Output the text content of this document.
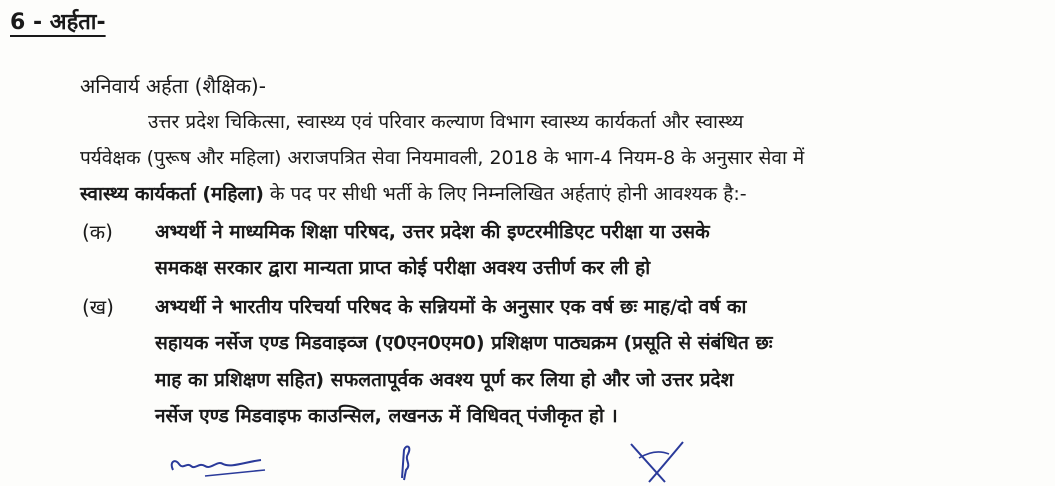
6 - अर्हता-
अनिवार्य अर्हता (शैक्षिक)-
उत्तर प्रदेश चिकित्सा, स्वास्थ्य एवं परिवार कल्याण विभाग स्वास्थ्य कार्यकर्ता और स्वास्थ्य
पर्यवेक्षक (पुरूष और महिला) अराजपत्रित सेवा नियमावली, 2018 के भाग-4 नियम-8 के अनुसार सेवा में
स्वास्थ्य कार्यकर्ता (महिला) के पद पर सीधी भर्ती के लिए निम्नलिखित अर्हताएं होनी आवश्यक है:-
(क) अभ्यर्थी ने माध्यमिक शिक्षा परिषद, उत्तर प्रदेश की इण्टरमीडिएट परीक्षा या उसके
समकक्ष सरकार द्वारा मान्यता प्राप्त कोई परीक्षा अवश्य उत्तीर्ण कर ली हो
(ख) अभ्यर्थी ने भारतीय परिचर्या परिषद के सन्नियमों के अनुसार एक वर्ष छः माह/दो वर्ष का
सहायक नर्सेज एण्ड मिडवाइव्ज (ए0एन0एम0) प्रशिक्षण पाठ्यक्रम (प्रसूति से संबंधित छः
माह का प्रशिक्षण सहित) सफलतापूर्वक अवश्य पूर्ण कर लिया हो और जो उत्तर प्रदेश
नर्सेज एण्ड मिडवाइफ काउन्सिल, लखनऊ में विधिवत् पंजीकृत हो ।
